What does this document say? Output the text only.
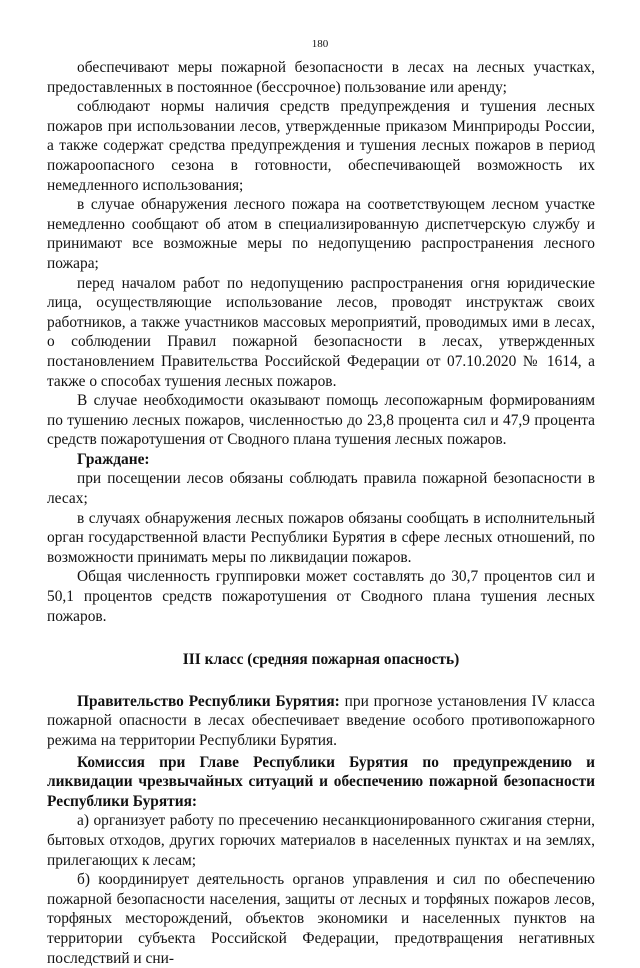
180

обеспечивают меры пожарной безопасности в лесах на лесных участках, предоставленных в постоянное (бессрочное) пользование или аренду;

соблюдают нормы наличия средств предупреждения и тушения лесных пожаров при использовании лесов, утвержденные приказом Минприроды России, а также содержат средства предупреждения и тушения лесных пожаров в период пожароопасного сезона в готовности, обеспечивающей возможность их немедленного использования;

в случае обнаружения лесного пожара на соответствующем лесном участке немедленно сообщают об атом в специализированную диспетчерскую службу и принимают все возможные меры по недопущению распространения лесного пожара;

перед началом работ по недопущению распространения огня юридические лица, осуществляющие использование лесов, проводят инструктаж своих работников, а также участников массовых мероприятий, проводимых ими в лесах, о соблюдении Правил пожарной безопасности в лесах, утвержденных постановлением Правительства Российской Федерации от 07.10.2020 № 1614, а также о способах тушения лесных пожаров.

В случае необходимости оказывают помощь лесопожарным формированиям по тушению лесных пожаров, численностью до 23,8 процента сил и 47,9 процента средств пожаротушения от Сводного плана тушения лесных пожаров.

Граждане:

при посещении лесов обязаны соблюдать правила пожарной безопасности в лесах;

в случаях обнаружения лесных пожаров обязаны сообщать в исполнительный орган государственной власти Республики Бурятия в сфере лесных отношений, по возможности принимать меры по ликвидации пожаров.

Общая численность группировки может составлять до 30,7 процентов сил и 50,1 процентов средств пожаротушения от Сводного плана тушения лесных пожаров.

III класс (средняя пожарная опасность)

Правительство Республики Бурятия: при прогнозе установления IV класса пожарной опасности в лесах обеспечивает введение особого противопожарного режима на территории Республики Бурятия.

Комиссия при Главе Республики Бурятия по предупреждению и ликвидации чрезвычайных ситуаций и обеспечению пожарной безопасности Республики Бурятия:

а) организует работу по пресечению несанкционированного сжигания стерни, бытовых отходов, других горючих материалов в населенных пунктах и на землях, прилегающих к лесам;

б) координирует деятельность органов управления и сил по обеспечению пожарной безопасности населения, защиты от лесных и торфяных пожаров лесов, торфяных месторождений, объектов экономики и населенных пунктов на территории субъекта Российской Федерации, предотвращения негативных последствий и сни-
